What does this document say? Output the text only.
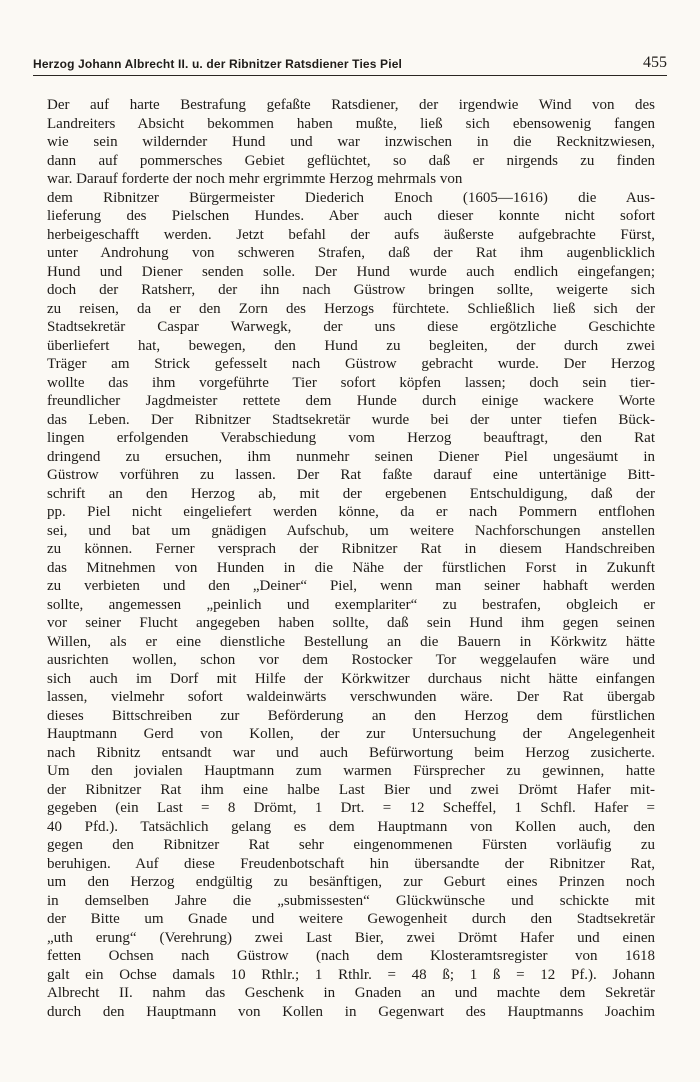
Herzog Johann Albrecht II. u. der Ribnitzer Ratsdiener Ties Piel	455
Der auf harte Bestrafung gefaßte Ratsdiener, der irgendwie Wind von des
Landreiters Absicht bekommen haben mußte, ließ sich ebensowenig fangen
wie sein wildernder Hund und war inzwischen in die Recknitzwiesen,
dann auf pommersches Gebiet geflüchtet, so daß er nirgends zu finden
war. Darauf forderte der noch mehr ergrimmte Herzog mehrmals von
dem Ribnitzer Bürgermeister Diederich Enoch (1605—1616) die Aus-
lieferung des Pielschen Hundes. Aber auch dieser konnte nicht sofort
herbeigeschafft werden. Jetzt befahl der aufs äußerste aufgebrachte Fürst,
unter Androhung von schweren Strafen, daß der Rat ihm augenblicklich
Hund und Diener senden solle. Der Hund wurde auch endlich eingefangen;
doch der Ratsherr, der ihn nach Güstrow bringen sollte, weigerte sich
zu reisen, da er den Zorn des Herzogs fürchtete. Schließlich ließ sich der
Stadtsekretär Caspar Warwegk, der uns diese ergötzliche Geschichte
überliefert hat, bewegen, den Hund zu begleiten, der durch zwei
Träger am Strick gefesselt nach Güstrow gebracht wurde. Der Herzog
wollte das ihm vorgeführte Tier sofort köpfen lassen; doch sein tier-
freundlicher Jagdmeister rettete dem Hunde durch einige wackere Worte
das Leben. Der Ribnitzer Stadtsekretär wurde bei der unter tiefen Bück-
lingen erfolgenden Verabschiedung vom Herzog beauftragt, den Rat
dringend zu ersuchen, ihm nunmehr seinen Diener Piel ungesäumt in
Güstrow vorführen zu lassen. Der Rat faßte darauf eine untertänige Bitt-
schrift an den Herzog ab, mit der ergebenen Entschuldigung, daß der
pp. Piel nicht eingeliefert werden könne, da er nach Pommern entflohen
sei, und bat um gnädigen Aufschub, um weitere Nachforschungen anstellen
zu können. Ferner versprach der Ribnitzer Rat in diesem Handschreiben
das Mitnehmen von Hunden in die Nähe der fürstlichen Forst in Zukunft
zu verbieten und den „Deiner“ Piel, wenn man seiner habhaft werden
sollte, angemessen „peinlich und exemplariter“ zu bestrafen, obgleich er
vor seiner Flucht angegeben haben sollte, daß sein Hund ihm gegen seinen
Willen, als er eine dienstliche Bestellung an die Bauern in Körkwitz hätte
ausrichten wollen, schon vor dem Rostocker Tor weggelaufen wäre und
sich auch im Dorf mit Hilfe der Körkwitzer durchaus nicht hätte einfangen
lassen, vielmehr sofort waldeinwärts verschwunden wäre. Der Rat übergab
dieses Bittschreiben zur Beförderung an den Herzog dem fürstlichen
Hauptmann Gerd von Kollen, der zur Untersuchung der Angelegenheit
nach Ribnitz entsandt war und auch Befürwortung beim Herzog zusicherte.
Um den jovialen Hauptmann zum warmen Fürsprecher zu gewinnen, hatte
der Ribnitzer Rat ihm eine halbe Last Bier und zwei Drömt Hafer mit-
gegeben (ein Last = 8 Drömt, 1 Drt. = 12 Scheffel, 1 Schfl. Hafer =
40 Pfd.). Tatsächlich gelang es dem Hauptmann von Kollen auch, den
gegen den Ribnitzer Rat sehr eingenommenen Fürsten vorläufig zu
beruhigen. Auf diese Freudenbotschaft hin übersandte der Ribnitzer Rat,
um den Herzog endgültig zu besänftigen, zur Geburt eines Prinzen noch
in demselben Jahre die „submissesten“ Glückwünsche und schickte mit
der Bitte um Gnade und weitere Gewogenheit durch den Stadtsekretär
„uth erung“ (Verehrung) zwei Last Bier, zwei Drömt Hafer und einen
fetten Ochsen nach Güstrow (nach dem Klosteramtsregister von 1618
galt ein Ochse damals 10 Rthlr.; 1 Rthlr. = 48 ß; 1 ß = 12 Pf.). Johann
Albrecht II. nahm das Geschenk in Gnaden an und machte dem Sekretär
durch den Hauptmann von Kollen in Gegenwart des Hauptmanns Joachim
